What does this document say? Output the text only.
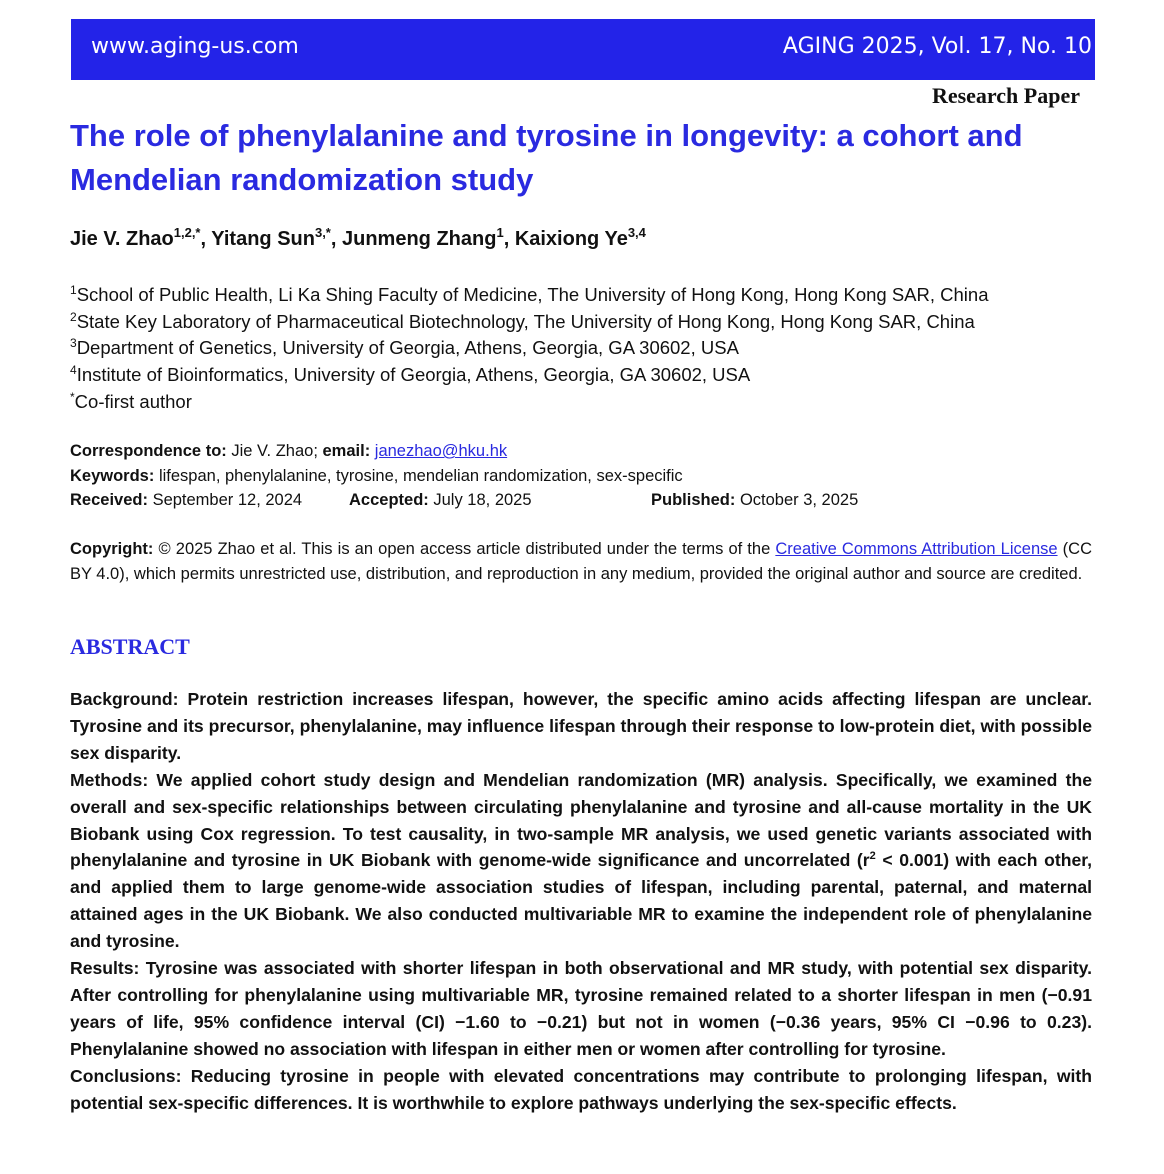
www.aging-us.com	AGING 2025, Vol. 17, No. 10
Research Paper
The role of phenylalanine and tyrosine in longevity: a cohort and Mendelian randomization study
Jie V. Zhao$^{1,2,*}$, Yitang Sun$^{3,*}$, Junmeng Zhang$^1$, Kaixiong Ye$^{3,4}$
$^1$School of Public Health, Li Ka Shing Faculty of Medicine, The University of Hong Kong, Hong Kong SAR, China
$^2$State Key Laboratory of Pharmaceutical Biotechnology, The University of Hong Kong, Hong Kong SAR, China
$^3$Department of Genetics, University of Georgia, Athens, Georgia, GA 30602, USA
$^4$Institute of Bioinformatics, University of Georgia, Athens, Georgia, GA 30602, USA
*Co-first author
Correspondence to: Jie V. Zhao; email: janezhao@hku.hk
Keywords: lifespan, phenylalanine, tyrosine, mendelian randomization, sex-specific
Received: September 12, 2024	Accepted: July 18, 2025	Published: October 3, 2025
Copyright: © 2025 Zhao et al. This is an open access article distributed under the terms of the Creative Commons Attribution License (CC BY 4.0), which permits unrestricted use, distribution, and reproduction in any medium, provided the original author and source are credited.
ABSTRACT

Background: Protein restriction increases lifespan, however, the specific amino acids affecting lifespan are unclear. Tyrosine and its precursor, phenylalanine, may influence lifespan through their response to low-protein diet, with possible sex disparity.

Methods: We applied cohort study design and Mendelian randomization (MR) analysis. Specifically, we examined the overall and sex-specific relationships between circulating phenylalanine and tyrosine and all-cause mortality in the UK Biobank using Cox regression. To test causality, in two-sample MR analysis, we used genetic variants associated with phenylalanine and tyrosine in UK Biobank with genome-wide significance and uncorrelated $(r^2 < 0.001)$ with each other, and applied them to large genome-wide association studies of lifespan, including parental, paternal, and maternal attained ages in the UK Biobank. We also conducted multivariable MR to examine the independent role of phenylalanine and tyrosine.

Results: Tyrosine was associated with shorter lifespan in both observational and MR study, with potential sex disparity. After controlling for phenylalanine using multivariable MR, tyrosine remained related to a shorter lifespan in men (−0.91 years of life, 95% confidence interval (CI) −1.60 to −0.21) but not in women (−0.36 years, 95% CI −0.96 to 0.23). Phenylalanine showed no association with lifespan in either men or women after controlling for tyrosine.

Conclusions: Reducing tyrosine in people with elevated concentrations may contribute to prolonging lifespan, with potential sex-specific differences. It is worthwhile to explore pathways underlying the sex-specific effects.
